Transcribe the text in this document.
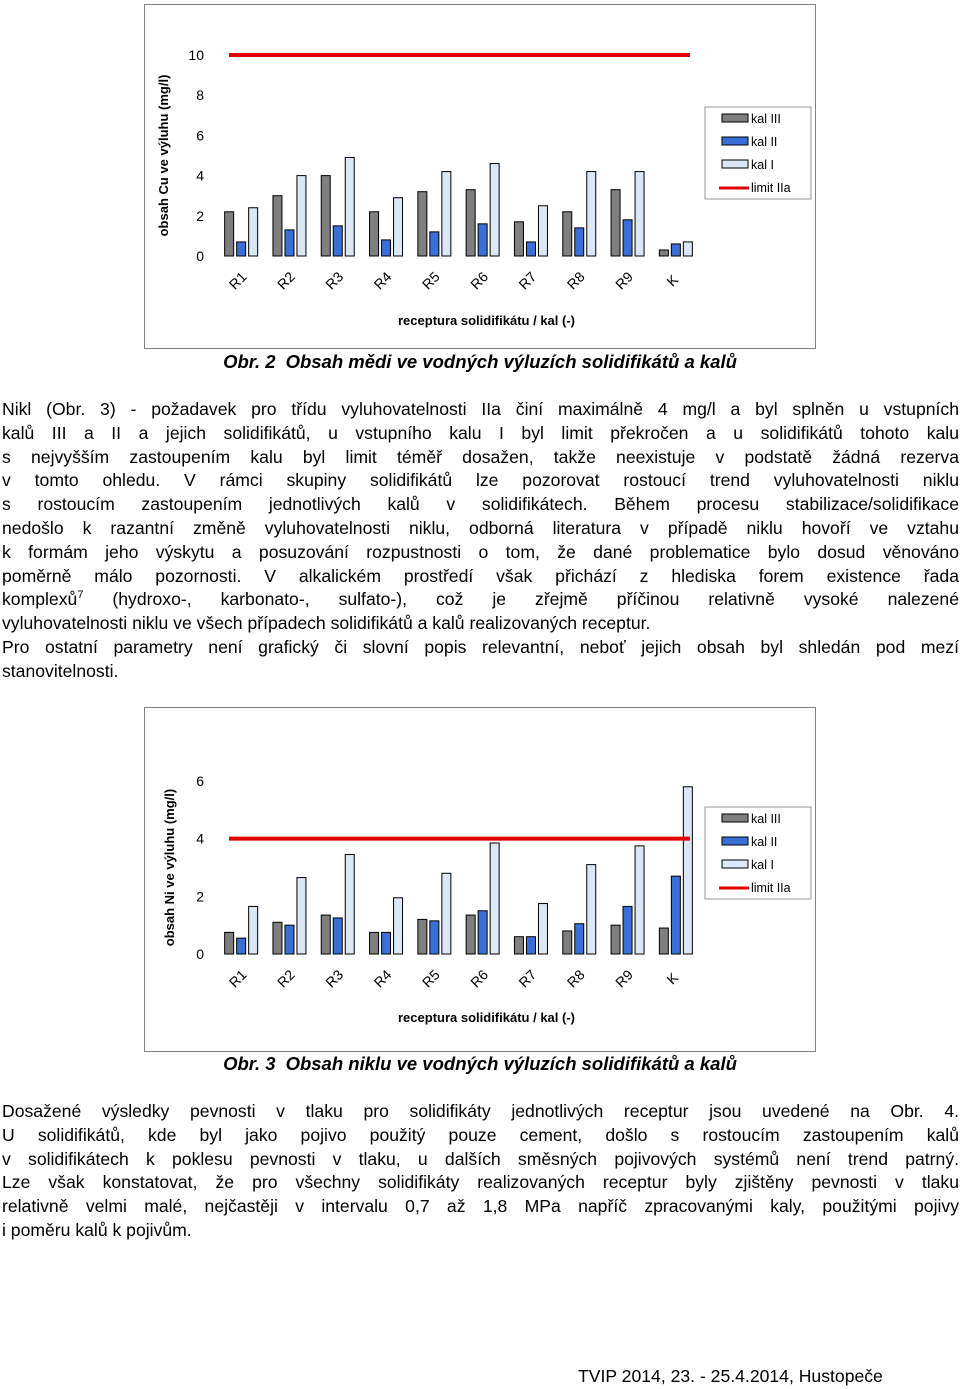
0
2
4
6
8
10
obsah Cu ve výluhu (mg/l)
R1 R2 R3 R4 R5 R6 R7 R8 R9 K
receptura solidifikátu / kal (-)
kal III
kal II
kal I
limit IIa
Obr. 2 Obsah mědi ve vodných výluzích solidifikátů a kalů
Nikl (Obr. 3) - požadavek pro třídu vyluhovatelnosti IIa činí maximálně 4 mg/l a byl splněn u vstupních
kalů III a II a jejich solidifikátů, u vstupního kalu I byl limit překročen a u solidifikátů tohoto kalu
s nejvyšším zastoupením kalu byl limit téměř dosažen, takže neexistuje v podstatě žádná rezerva
v tomto ohledu. V rámci skupiny solidifikátů lze pozorovat rostoucí trend vyluhovatelnosti niklu
s rostoucím zastoupením jednotlivých kalů v solidifikátech. Během procesu stabilizace/solidifikace
nedošlo k razantní změně vyluhovatelnosti niklu, odborná literatura v případě niklu hovoří ve vztahu
k formám jeho výskytu a posuzování rozpustnosti o tom, že dané problematice bylo dosud věnováno
poměrně málo pozornosti. V alkalickém prostředí však přichází z hlediska forem existence řada
komplexů$^7$ (hydroxo-, karbonato-, sulfato-), což je zřejmě příčinou relativně vysoké nalezené
vyluhovatelnosti niklu ve všech případech solidifikátů a kalů realizovaných receptur.
Pro ostatní parametry není grafický či slovní popis relevantní, neboť jejich obsah byl shledán pod mezí
stanovitelnosti.
0
2
4
6
obsah Ni ve výluhu (mg/l)
R1 R2 R3 R4 R5 R6 R7 R8 R9 K
receptura solidifikátu / kal (-)
kal III
kal II
kal I
limit IIa
Obr. 3 Obsah niklu ve vodných výluzích solidifikátů a kalů
Dosažené výsledky pevnosti v tlaku pro solidifikáty jednotlivých receptur jsou uvedené na Obr. 4.
U solidifikátů, kde byl jako pojivo použitý pouze cement, došlo s rostoucím zastoupením kalů
v solidifikátech k poklesu pevnosti v tlaku, u dalších směsných pojivových systémů není trend patrný.
Lze však konstatovat, že pro všechny solidifikáty realizovaných receptur byly zjištěny pevnosti v tlaku
relativně velmi malé, nejčastěji v intervalu 0,7 až 1,8 MPa napříč zpracovanými kaly, použitými pojivy
i poměru kalů k pojivům.
TVIP 2014, 23. - 25.4.2014, Hustopeče
